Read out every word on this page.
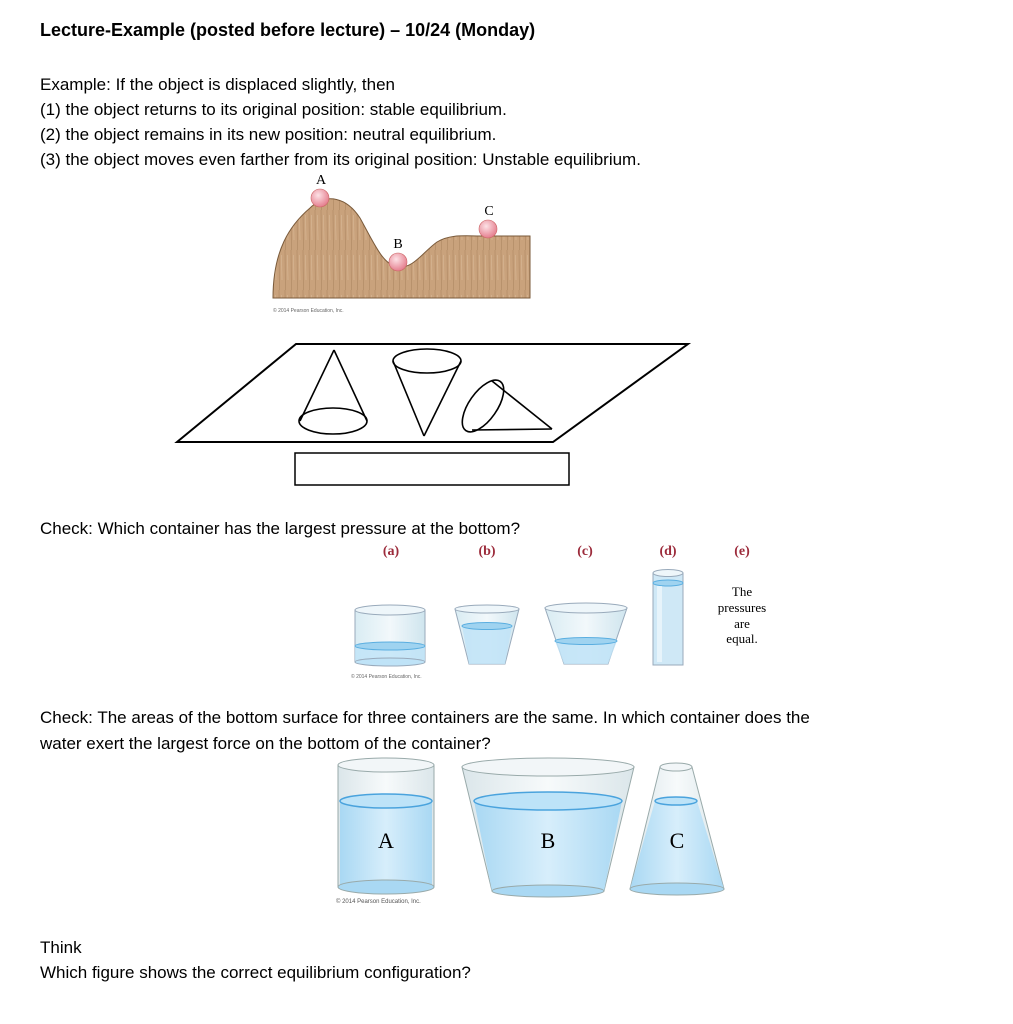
Lecture-Example (posted before lecture) – 10/24 (Monday)
Example: If the object is displaced slightly, then
(1) the object returns to its original position: stable equilibrium.
(2) the object remains in its new position: neutral equilibrium.
(3) the object moves even farther from its original position: Unstable equilibrium.
A
B
C
© 2014 Pearson Education, Inc.
Check: Which container has the largest pressure at the bottom?
(a)	(b)	(c)	(d)	(e)
The
pressures
are
equal.
© 2014 Pearson Education, Inc.
Check: The areas of the bottom surface for three containers are the same. In which container does the
water exert the largest force on the bottom of the container?
A	B	C
© 2014 Pearson Education, Inc.
Think
Which figure shows the correct equilibrium configuration?
